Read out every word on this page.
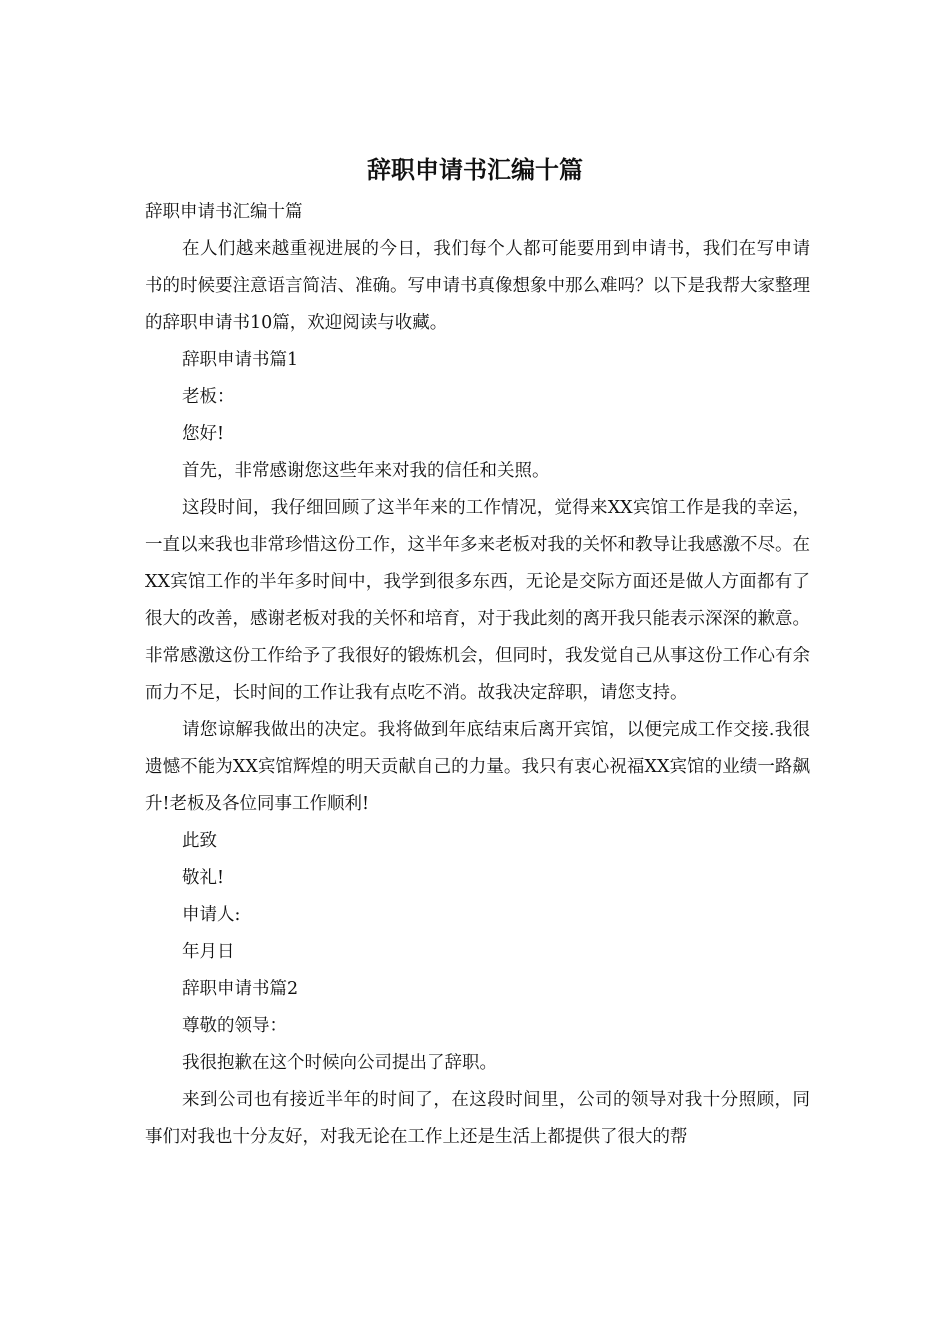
辞职申请书汇编十篇

辞职申请书汇编十篇

在人们越来越重视进展的今日，我们每个人都可能要用到申请书，我们在写申请书的时候要注意语言简洁、准确。写申请书真像想象中那么难吗？以下是我帮大家整理的辞职申请书10篇，欢迎阅读与收藏。

辞职申请书篇1

老板：

您好!

首先，非常感谢您这些年来对我的信任和关照。

这段时间，我仔细回顾了这半年来的工作情况，觉得来XX宾馆工作是我的幸运，一直以来我也非常珍惜这份工作，这半年多来老板对我的关怀和教导让我感激不尽。在XX宾馆工作的半年多时间中，我学到很多东西，无论是交际方面还是做人方面都有了很大的改善，感谢老板对我的关怀和培育，对于我此刻的离开我只能表示深深的歉意。非常感激这份工作给予了我很好的锻炼机会，但同时，我发觉自己从事这份工作心有余而力不足，长时间的工作让我有点吃不消。故我决定辞职，请您支持。

请您谅解我做出的决定。我将做到年底结束后离开宾馆，以便完成工作交接.我很遗憾不能为XX宾馆辉煌的明天贡献自己的力量。我只有衷心祝福XX宾馆的业绩一路飙升!老板及各位同事工作顺利!

此致

敬礼!

申请人:

年月日

辞职申请书篇2

尊敬的领导：

我很抱歉在这个时候向公司提出了辞职。

来到公司也有接近半年的时间了，在这段时间里，公司的领导对我十分照顾，同事们对我也十分友好，对我无论在工作上还是生活上都提供了很大的帮
